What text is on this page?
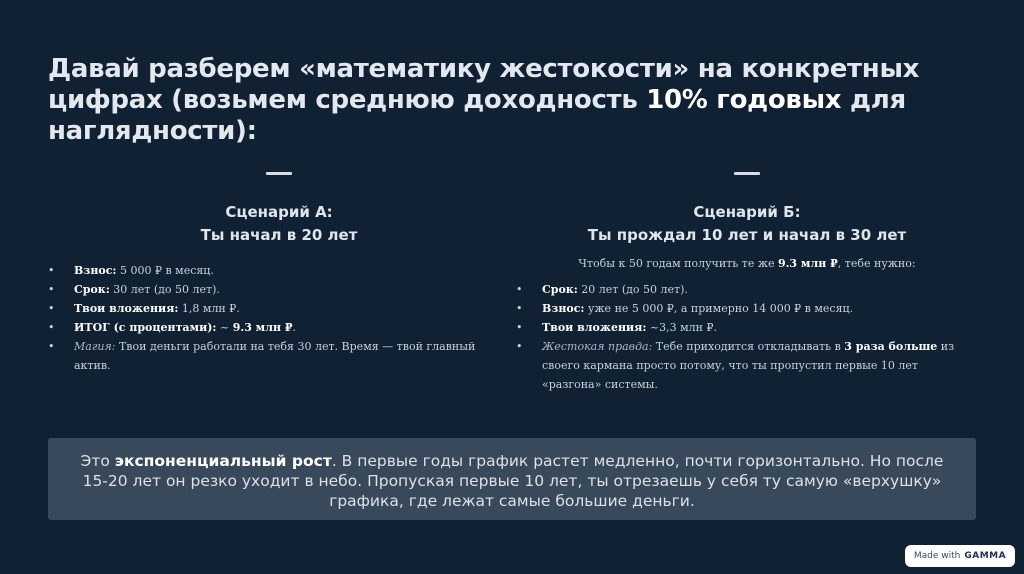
Давай разберем «математику жестокости» на конкретных цифрах (возьмем среднюю доходность 10% годовых для наглядности):
Сценарий А:
Ты начал в 20 лет
• Взнос: 5 000 ₽ в месяц.
• Срок: 30 лет (до 50 лет).
• Твои вложения: 1,8 млн ₽.
• ИТОГ (с процентами): ~ 9.3 млн ₽.
• Магия: Твои деньги работали на тебя 30 лет. Время — твой главный актив.
Сценарий Б:
Ты прождал 10 лет и начал в 30 лет
Чтобы к 50 годам получить те же 9.3 млн ₽, тебе нужно:
• Срок: 20 лет (до 50 лет).
• Взнос: уже не 5 000 ₽, а примерно 14 000 ₽ в месяц.
• Твои вложения: ~3,3 млн ₽.
• Жестокая правда: Тебе приходится откладывать в 3 раза больше из своего кармана просто потому, что ты пропустил первые 10 лет «разгона» системы.
Это экспоненциальный рост. В первые годы график растет медленно, почти горизонтально. Но после 15-20 лет он резко уходит в небо. Пропуская первые 10 лет, ты отрезаешь у себя ту самую «верхушку» графика, где лежат самые большие деньги.
Made with GAMMA
